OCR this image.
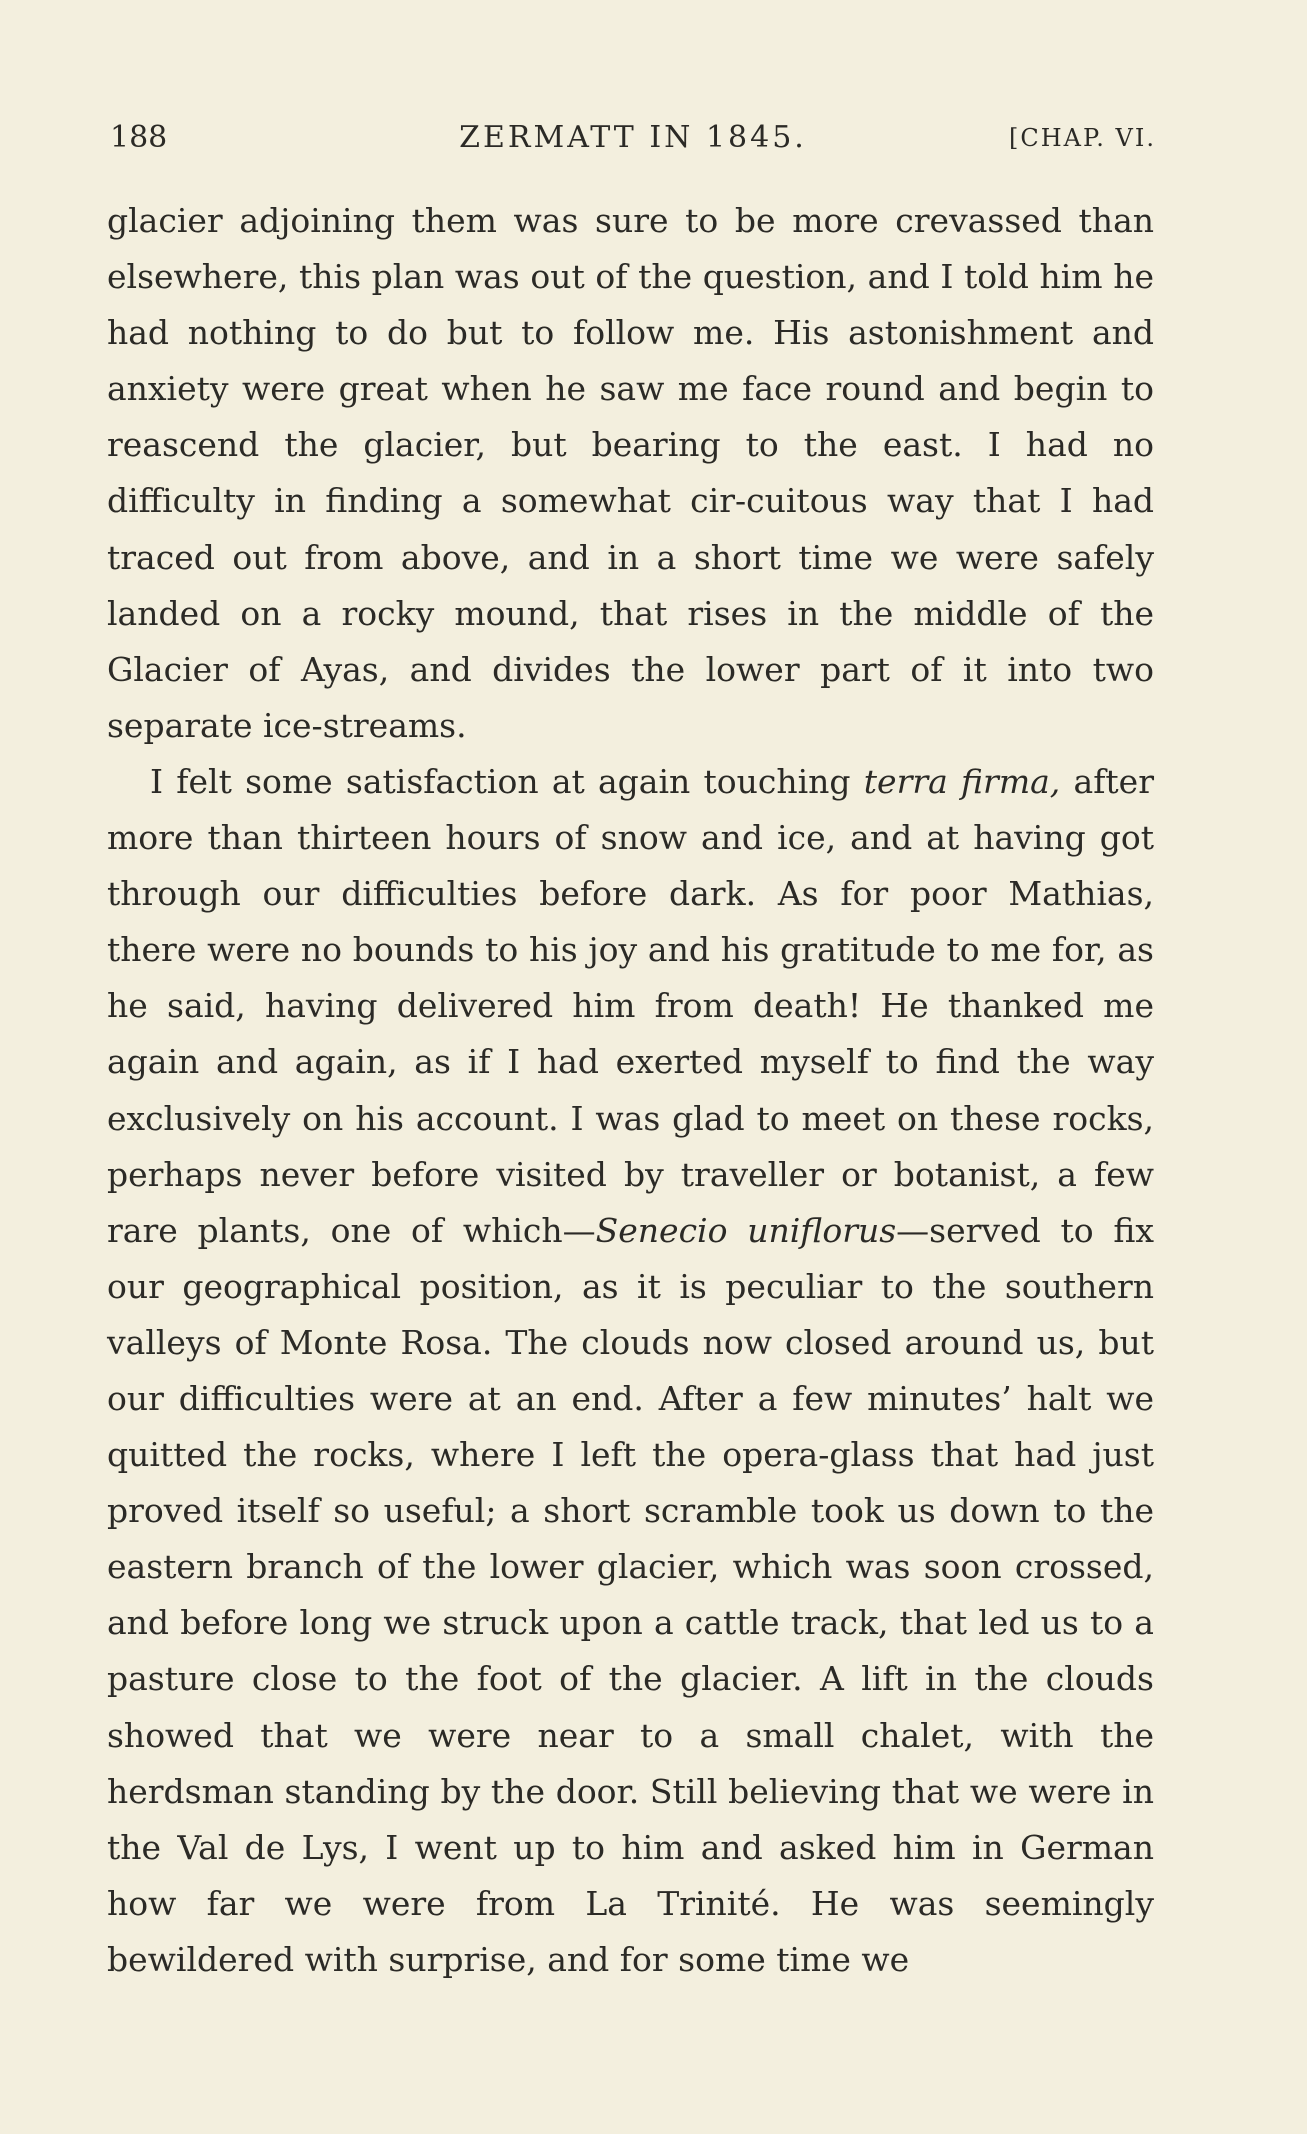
188	ZERMATT IN 1845.	[CHAP. VI.

glacier adjoining them was sure to be more crevassed than elsewhere, this plan was out of the question, and I told him he had nothing to do but to follow me. His astonishment and anxiety were great when he saw me face round and begin to reascend the glacier, but bearing to the east. I had no difficulty in finding a somewhat cir-cuitous way that I had traced out from above, and in a short time we were safely landed on a rocky mound, that rises in the middle of the Glacier of Ayas, and divides the lower part of it into two separate ice-streams.

I felt some satisfaction at again touching terra firma, after more than thirteen hours of snow and ice, and at having got through our difficulties before dark. As for poor Mathias, there were no bounds to his joy and his gratitude to me for, as he said, having delivered him from death! He thanked me again and again, as if I had exerted myself to find the way exclusively on his account. I was glad to meet on these rocks, perhaps never before visited by traveller or botanist, a few rare plants, one of which—Senecio uniflorus—served to fix our geographical position, as it is peculiar to the southern valleys of Monte Rosa. The clouds now closed around us, but our difficulties were at an end. After a few minutes’ halt we quitted the rocks, where I left the opera-glass that had just proved itself so useful; a short scramble took us down to the eastern branch of the lower glacier, which was soon crossed, and before long we struck upon a cattle track, that led us to a pasture close to the foot of the glacier. A lift in the clouds showed that we were near to a small chalet, with the herdsman standing by the door. Still believing that we were in the Val de Lys, I went up to him and asked him in German how far we were from La Trinité. He was seemingly bewildered with surprise, and for some time we
